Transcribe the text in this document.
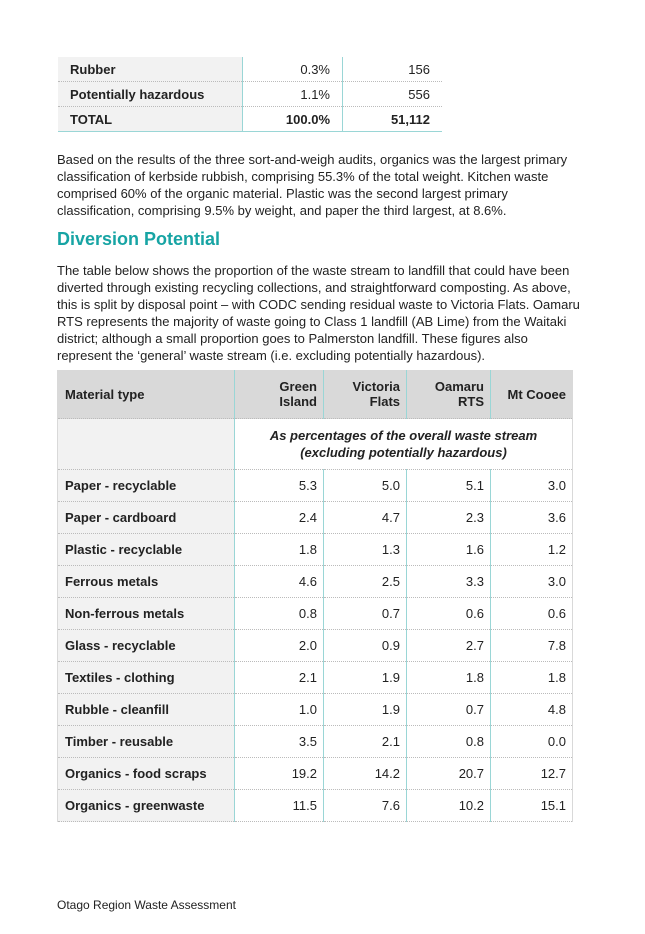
Rubber	0.3%	156
Potentially hazardous	1.1%	556
TOTAL	100.0%	51,112

Based on the results of the three sort-and-weigh audits, organics was the largest primary classification of kerbside rubbish, comprising 55.3% of the total weight. Kitchen waste comprised 60% of the organic material. Plastic was the second largest primary classification, comprising 9.5% by weight, and paper the third largest, at 8.6%.

Diversion Potential

The table below shows the proportion of the waste stream to landfill that could have been diverted through existing recycling collections, and straightforward composting. As above, this is split by disposal point – with CODC sending residual waste to Victoria Flats. Oamaru RTS represents the majority of waste going to Class 1 landfill (AB Lime) from the Waitaki district; although a small proportion goes to Palmerston landfill. These figures also represent the ‘general’ waste stream (i.e. excluding potentially hazardous).

Material type	Green Island	Victoria Flats	Oamaru RTS	Mt Cooee
	As percentages of the overall waste stream (excluding potentially hazardous)			
Paper - recyclable	5.3	5.0	5.1	3.0
Paper - cardboard	2.4	4.7	2.3	3.6
Plastic - recyclable	1.8	1.3	1.6	1.2
Ferrous metals	4.6	2.5	3.3	3.0
Non-ferrous metals	0.8	0.7	0.6	0.6
Glass - recyclable	2.0	0.9	2.7	7.8
Textiles - clothing	2.1	1.9	1.8	1.8
Rubble - cleanfill	1.0	1.9	0.7	4.8
Timber - reusable	3.5	2.1	0.8	0.0
Organics - food scraps	19.2	14.2	20.7	12.7
Organics - greenwaste	11.5	7.6	10.2	15.1

Otago Region Waste Assessment
